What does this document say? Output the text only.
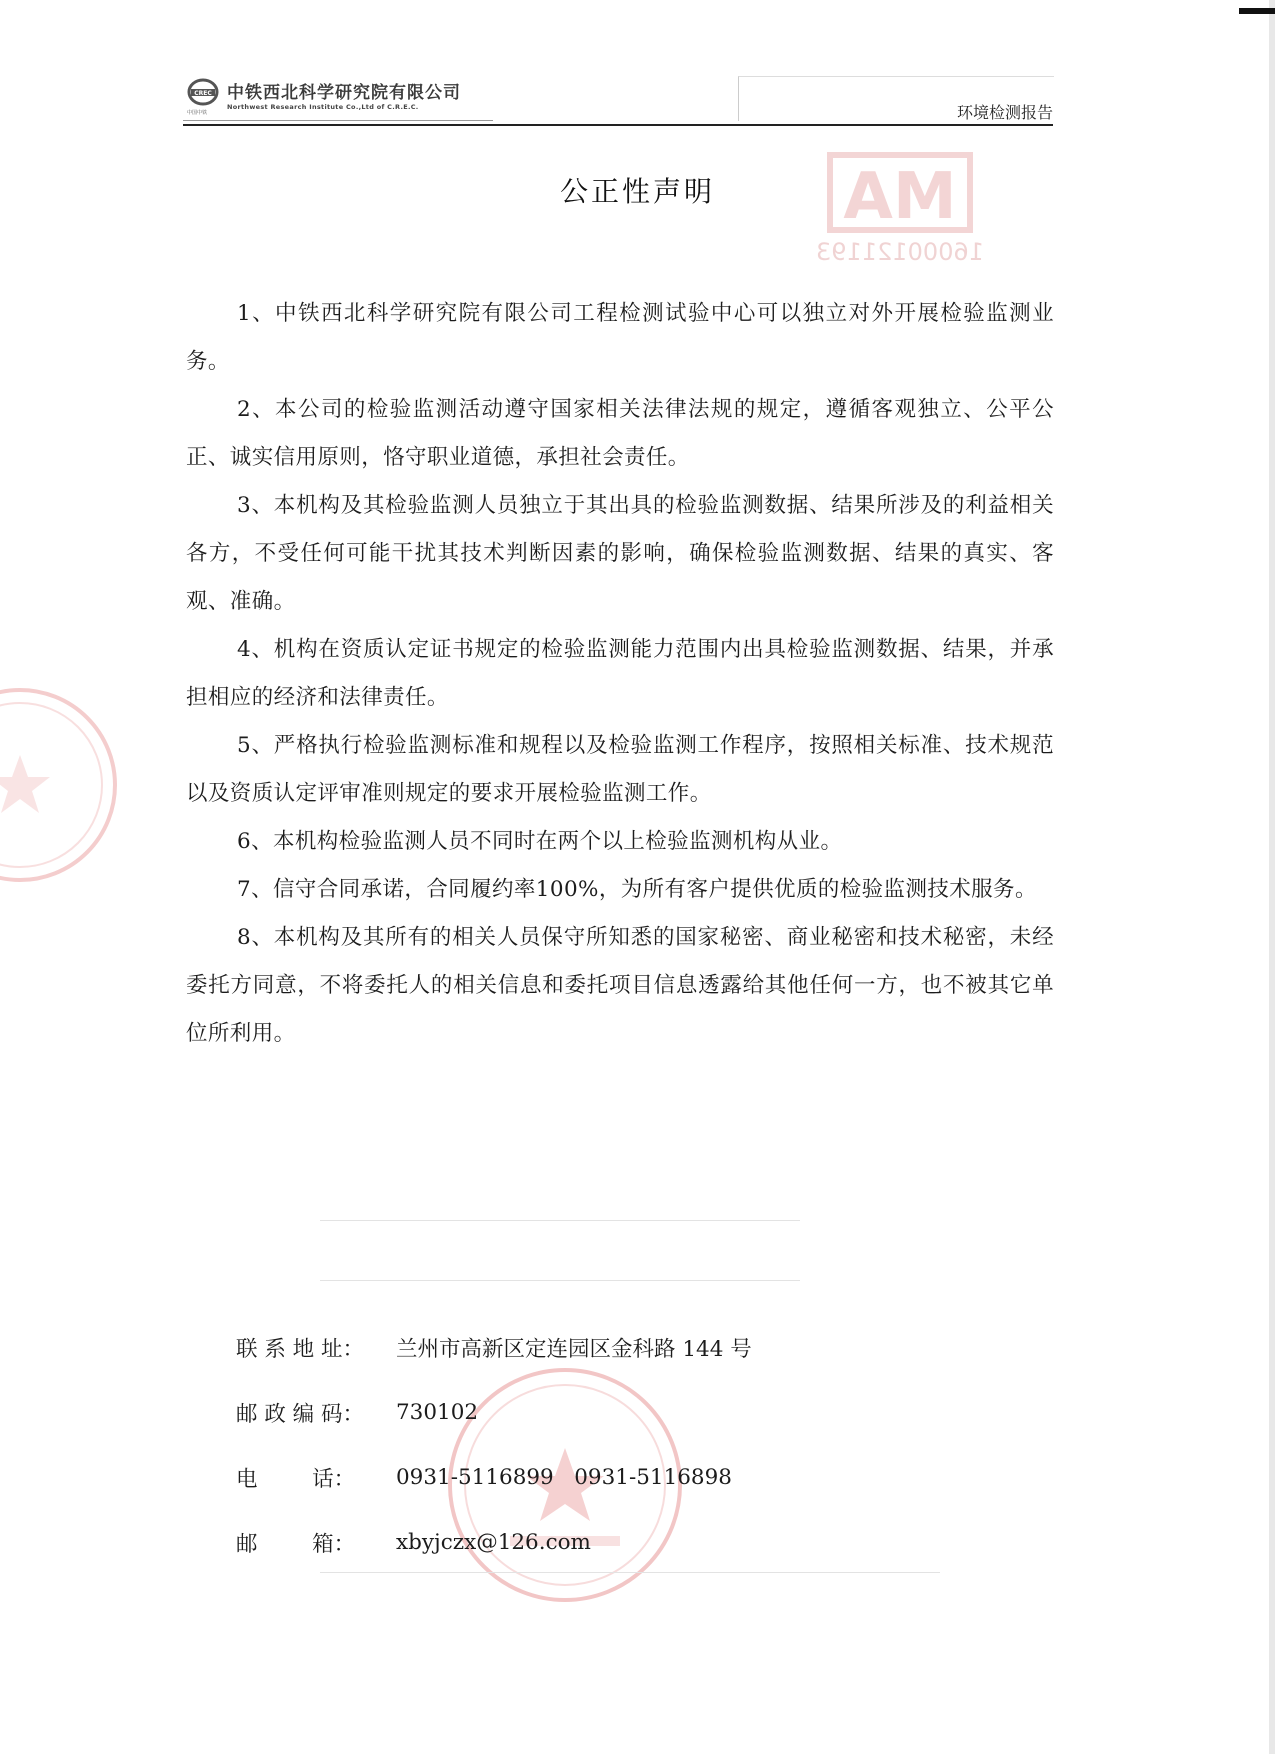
CREC 中铁西北科学研究院有限公司
Northwest Research Institute Co.,Ltd of C.R.E.C.
中国中铁	环境检测报告
MA
16000121193
公正性声明

1、中铁西北科学研究院有限公司工程检测试验中心可以独立对外开展检验监测业务。

2、本公司的检验监测活动遵守国家相关法律法规的规定，遵循客观独立、公平公正、诚实信用原则，恪守职业道德，承担社会责任。

3、本机构及其检验监测人员独立于其出具的检验监测数据、结果所涉及的利益相关各方，不受任何可能干扰其技术判断因素的影响，确保检验监测数据、结果的真实、客观、准确。

4、机构在资质认定证书规定的检验监测能力范围内出具检验监测数据、结果，并承担相应的经济和法律责任。

5、严格执行检验监测标准和规程以及检验监测工作程序，按照相关标准、技术规范以及资质认定评审准则规定的要求开展检验监测工作。

6、本机构检验监测人员不同时在两个以上检验监测机构从业。

7、信守合同承诺，合同履约率100%，为所有客户提供优质的检验监测技术服务。

8、本机构及其所有的相关人员保守所知悉的国家秘密、商业秘密和技术秘密，未经委托方同意，不将委托人的相关信息和委托项目信息透露给其他任何一方，也不被其它单位所利用。

联 系 地 址：	兰州市高新区定连园区金科路 144 号
邮 政 编 码：	730102
电        话：	0931-5116899   0931-5116898
邮        箱：	xbyjczx@126.com
